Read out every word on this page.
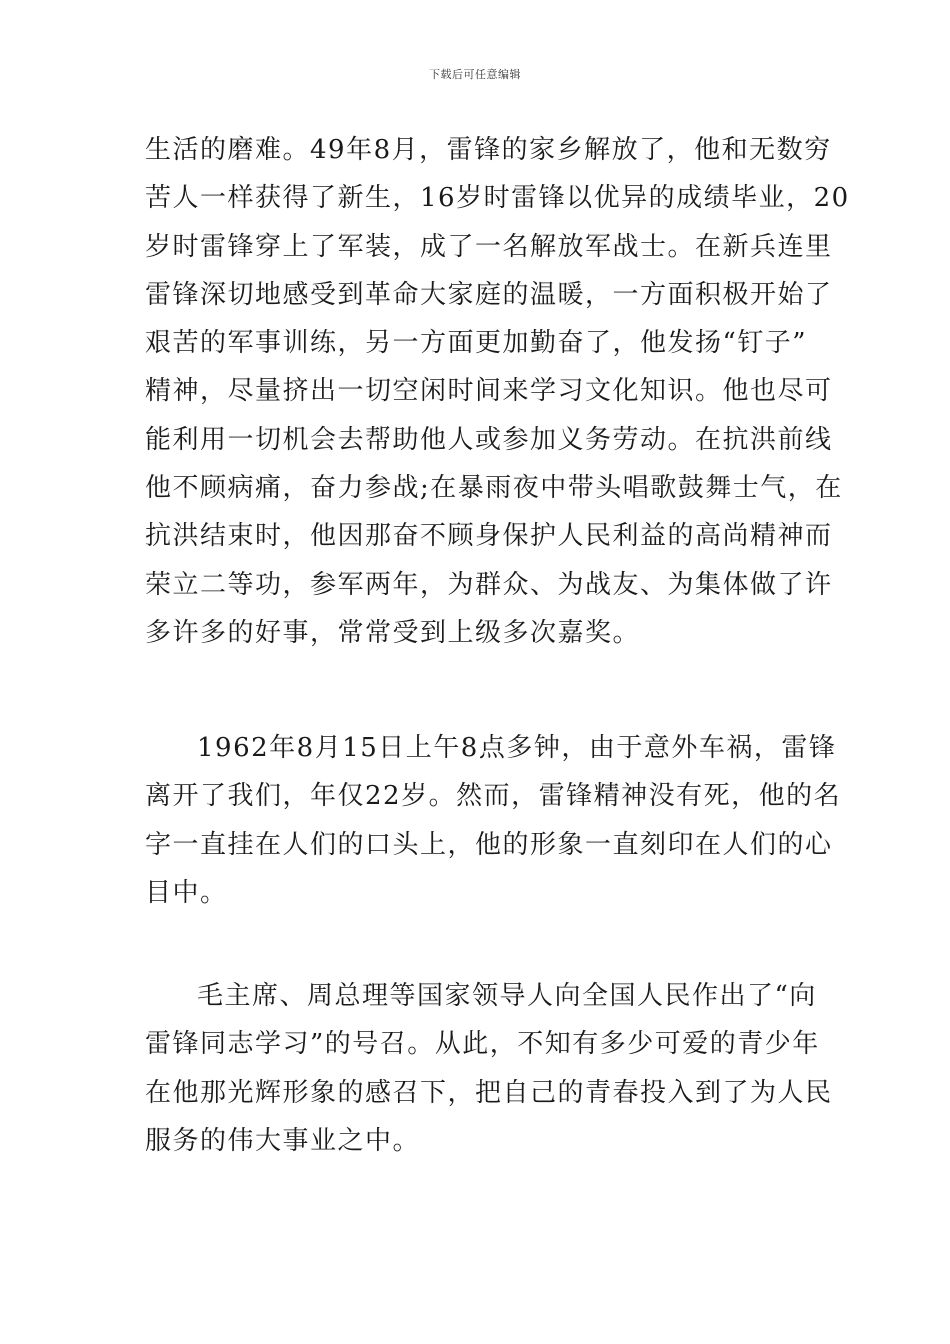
下载后可任意编辑
生活的磨难。49年8月，雷锋的家乡解放了，他和无数穷
苦人一样获得了新生，16岁时雷锋以优异的成绩毕业，20
岁时雷锋穿上了军装，成了一名解放军战士。在新兵连里
雷锋深切地感受到革命大家庭的温暖，一方面积极开始了
艰苦的军事训练，另一方面更加勤奋了，他发扬“钉子”
精神，尽量挤出一切空闲时间来学习文化知识。他也尽可
能利用一切机会去帮助他人或参加义务劳动。在抗洪前线
他不顾病痛，奋力参战;在暴雨夜中带头唱歌鼓舞士气，在
抗洪结束时，他因那奋不顾身保护人民利益的高尚精神而
荣立二等功，参军两年，为群众、为战友、为集体做了许
多许多的好事，常常受到上级多次嘉奖。
1962年8月15日上午8点多钟，由于意外车祸，雷锋
离开了我们，年仅22岁。然而，雷锋精神没有死，他的名
字一直挂在人们的口头上，他的形象一直刻印在人们的心
目中。
毛主席、周总理等国家领导人向全国人民作出了“向
雷锋同志学习”的号召。从此，不知有多少可爱的青少年
在他那光辉形象的感召下，把自己的青春投入到了为人民
服务的伟大事业之中。
